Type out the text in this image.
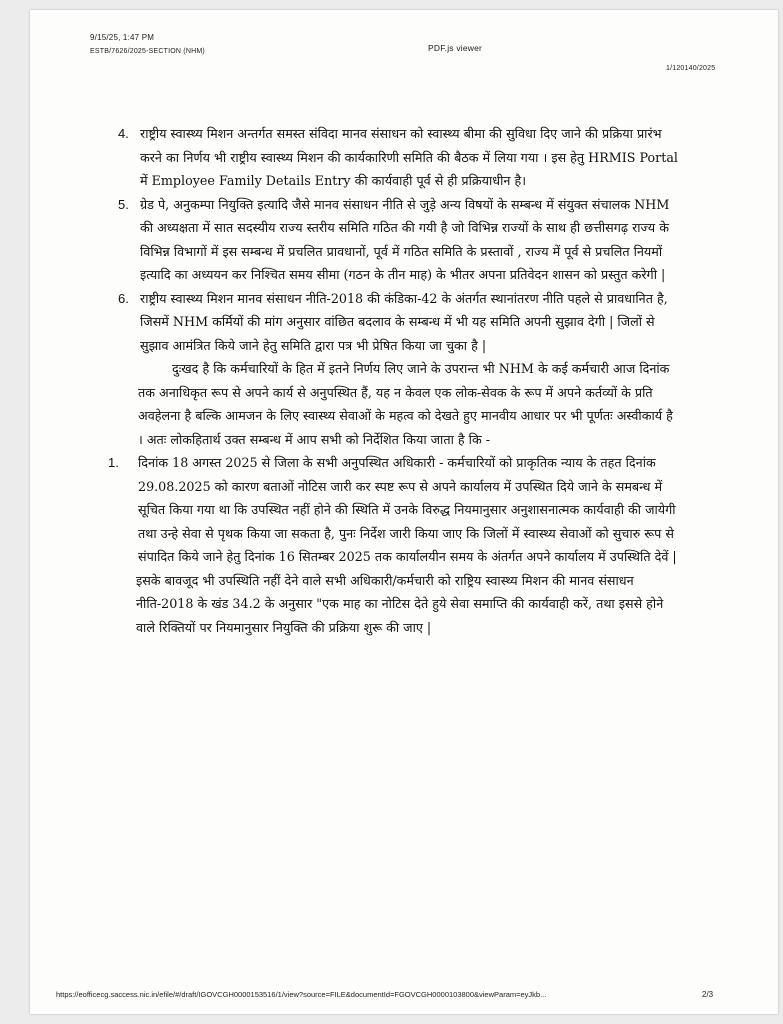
9/15/25, 1:47 PM
ESTB/7626/2025-SECTION (NHM)	PDF.js viewer
1/120140/2025
4. राष्ट्रीय स्वास्थ्य मिशन अन्तर्गत समस्त संविदा मानव संसाधन को स्वास्थ्य बीमा की सुविधा दिए जाने की प्रक्रिया प्रारंभ करने का निर्णय भी राष्ट्रीय स्वास्थ्य मिशन की कार्यकारिणी समिति की बैठक में लिया गया । इस हेतु HRMIS Portal में Employee Family Details Entry की कार्यवाही पूर्व से ही प्रक्रियाधीन है।
5. ग्रेड पे, अनुकम्पा नियुक्ति इत्यादि जैसे मानव संसाधन नीति से जुड़े अन्य विषयों के सम्बन्ध में संयुक्त संचालक NHM की अध्यक्षता में सात सदस्यीय राज्य स्तरीय समिति गठित की गयी है जो विभिन्न राज्यों के साथ ही छत्तीसगढ़ राज्य के विभिन्न विभागों में इस सम्बन्ध में प्रचलित प्रावधानों, पूर्व में गठित समिति के प्रस्तावों , राज्य में पूर्व से प्रचलित नियमों इत्यादि का अध्ययन कर निश्चित समय सीमा (गठन के तीन माह) के भीतर अपना प्रतिवेदन शासन को प्रस्तुत करेगी |
6. राष्ट्रीय स्वास्थ्य मिशन मानव संसाधन नीति-2018 की कंडिका-42 के अंतर्गत स्थानांतरण नीति पहले से प्रावधानित है, जिसमें NHM कर्मियों की मांग अनुसार वांछित बदलाव के सम्बन्ध में भी यह समिति अपनी सुझाव देगी | जिलों से सुझाव आमंत्रित किये जाने हेतु समिति द्वारा पत्र भी प्रेषित किया जा चुका है |
दुःखद है कि कर्मचारियों के हित में इतने निर्णय लिए जाने के उपरान्त भी NHM के कई कर्मचारी आज दिनांक तक अनाधिकृत रूप से अपने कार्य से अनुपस्थित हैं, यह न केवल एक लोक-सेवक के रूप में अपने कर्तव्यों के प्रति अवहेलना है बल्कि आमजन के लिए स्वास्थ्य सेवाओं के महत्व को देखते हुए मानवीय आधार पर भी पूर्णतः अस्वीकार्य है । अतः लोकहितार्थ उक्त सम्बन्ध में आप सभी को निर्देशित किया जाता है कि -
1. दिनांक 18 अगस्त 2025 से जिला के सभी अनुपस्थित अधिकारी - कर्मचारियों को प्राकृतिक न्याय के तहत दिनांक 29.08.2025 को कारण बताओं नोटिस जारी कर स्पष्ट रूप से अपने कार्यालय में उपस्थित दिये जाने के समबन्ध में सूचित किया गया था कि उपस्थित नहीं होने की स्थिति में उनके विरुद्ध नियमानुसार अनुशासनात्मक कार्यवाही की जायेगी तथा उन्हे सेवा से पृथक किया जा सकता है, पुनः निर्देश जारी किया जाए कि जिलों में स्वास्थ्य सेवाओं को सुचारु रूप से संपादित किये जाने हेतु दिनांक 16 सितम्बर 2025 तक कार्यालयीन समय के अंतर्गत अपने कार्यालय में उपस्थिति देवें |
इसके बावजूद भी उपस्थिति नहीं देने वाले सभी अधिकारी/कर्मचारी को राष्ट्रिय स्वास्थ्य मिशन की मानव संसाधन नीति-2018 के खंड 34.2 के अनुसार "एक माह का नोटिस देते हुये सेवा समाप्ति की कार्यवाही करें, तथा इससे होने वाले रिक्तियों पर नियमानुसार नियुक्ति की प्रक्रिया शुरू की जाए |
https://eofficecg.saccess.nic.in/efile/#/draft/IGOVCGH0000153516/1/view?source=FILE&documentId=FGOVCGH0000103800&viewParam=eyJkb...	2/3
